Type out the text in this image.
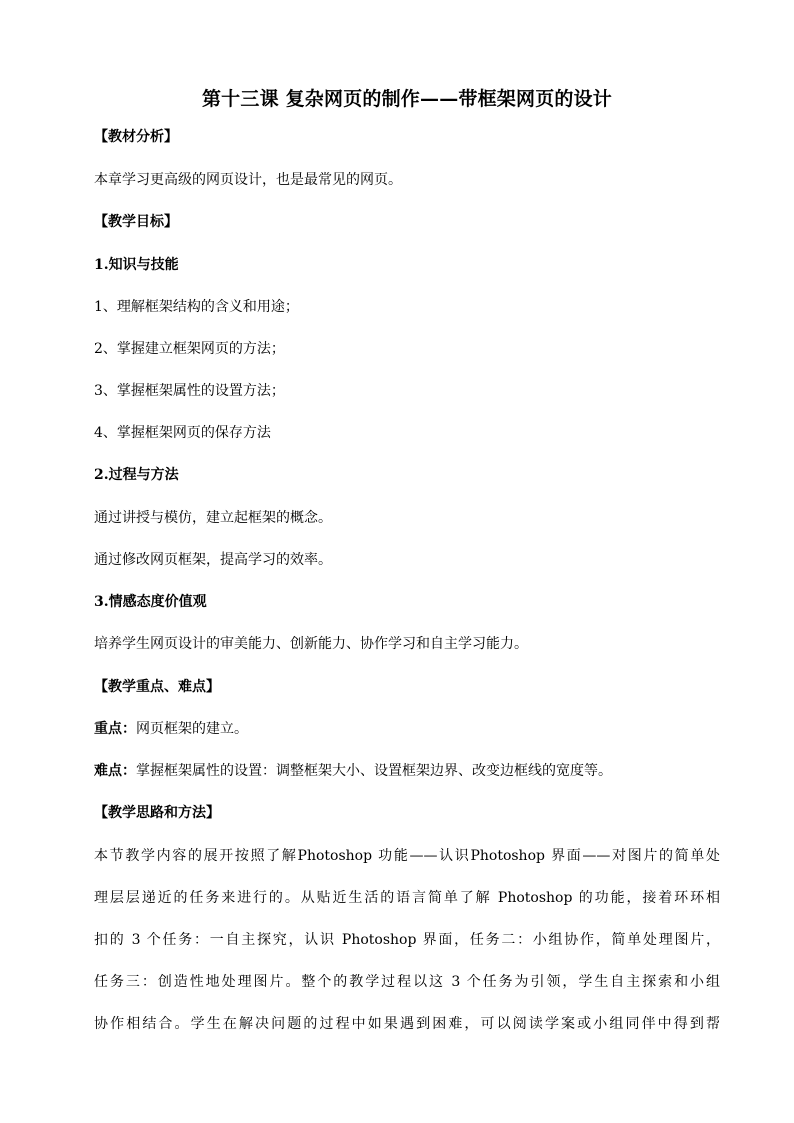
第十三课 复杂网页的制作——带框架网页的设计
【教材分析】
本章学习更高级的网页设计，也是最常见的网页。
【教学目标】
1.知识与技能
1、理解框架结构的含义和用途；
2、掌握建立框架网页的方法；
3、掌握框架属性的设置方法；
4、掌握框架网页的保存方法
2.过程与方法
通过讲授与模仿，建立起框架的概念。
通过修改网页框架，提高学习的效率。
3.情感态度价值观
培养学生网页设计的审美能力、创新能力、协作学习和自主学习能力。
【教学重点、难点】
重点：网页框架的建立。
难点：掌握框架属性的设置：调整框架大小、设置框架边界、改变边框线的宽度等。
【教学思路和方法】
本节教学内容的展开按照了解Photoshop 功能——认识Photoshop 界面——对图片的简单处
理层层递近的任务来进行的。从贴近生活的语言简单了解 Photoshop 的功能，接着环环相
扣的 3 个任务：一自主探究，认识 Photoshop 界面，任务二：小组协作，简单处理图片，
任务三：创造性地处理图片。整个的教学过程以这 3 个任务为引领，学生自主探索和小组
协作相结合。学生在解决问题的过程中如果遇到困难，可以阅读学案或小组同伴中得到帮
